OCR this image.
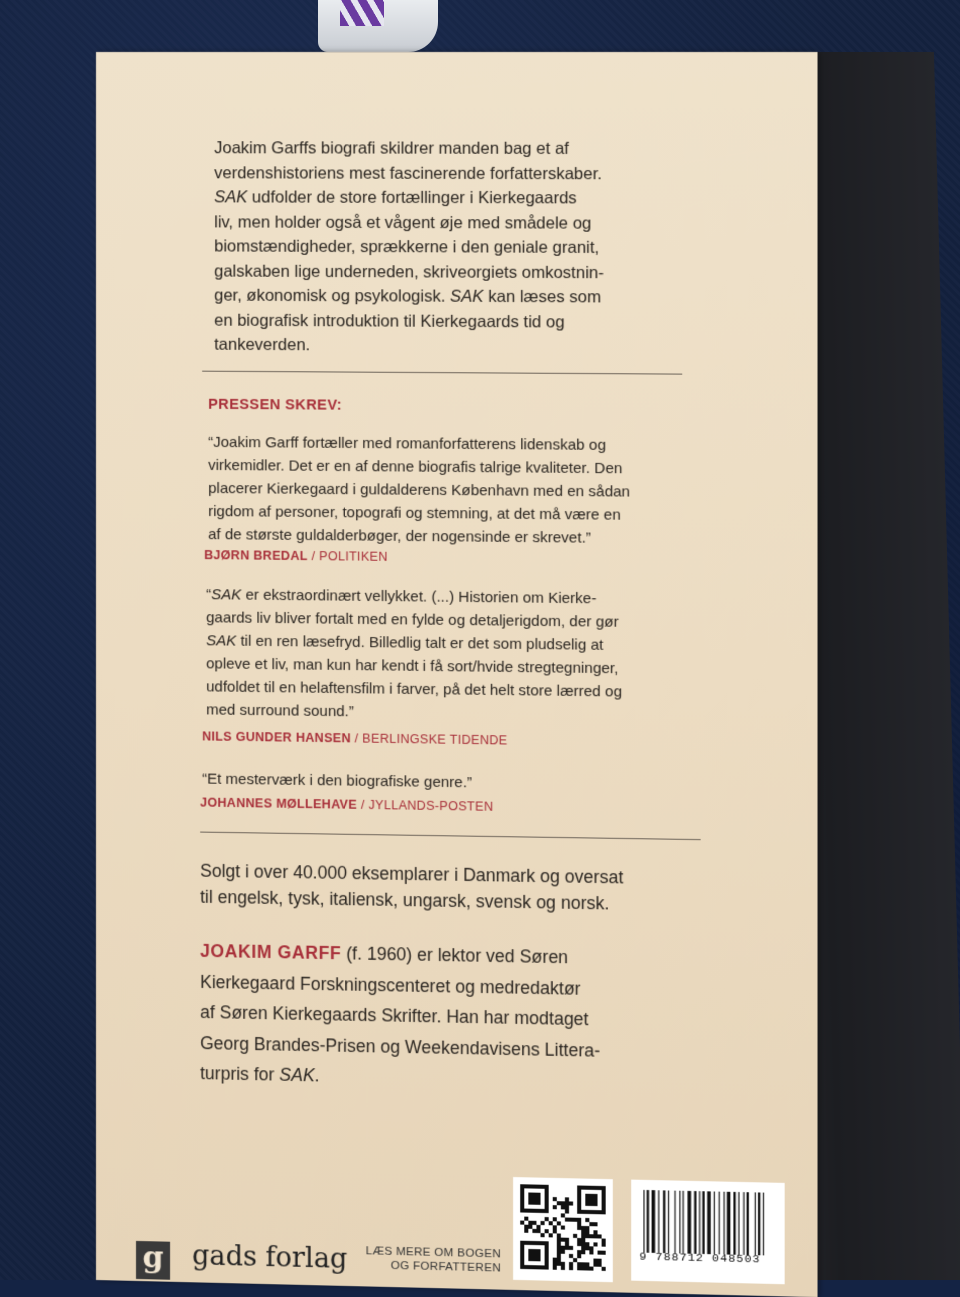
Joakim Garffs biografi skildrer manden bag et af
verdenshistoriens mest fascinerende forfatterskaber.
SAK udfolder de store fortællinger i Kierkegaards
liv, men holder også et vågent øje med smådele og
biomstændigheder, sprækkerne i den geniale granit,
galskaben lige underneden, skriveorgiets omkostnin-
ger, økonomisk og psykologisk. SAK kan læses som
en biografisk introduktion til Kierkegaards tid og
tankeverden.
PRESSEN SKREV:
“Joakim Garff fortæller med romanforfatterens lidenskab og
virkemidler. Det er en af denne biografis talrige kvaliteter. Den
placerer Kierkegaard i guldalderens København med en sådan
rigdom af personer, topografi og stemning, at det må være en
af de største guldalderbøger, der nogensinde er skrevet.”
BJØRN BREDAL / POLITIKEN
“SAK er ekstraordinært vellykket. (...) Historien om Kierke-
gaards liv bliver fortalt med en fylde og detaljerigdom, der gør
SAK til en ren læsefryd. Billedlig talt er det som pludselig at
opleve et liv, man kun har kendt i få sort/hvide stregtegninger,
udfoldet til en helaftensfilm i farver, på det helt store lærred og
med surround sound.”
NILS GUNDER HANSEN / BERLINGSKE TIDENDE
“Et mesterværk i den biografiske genre.”
JOHANNES MØLLEHAVE / JYLLANDS-POSTEN
Solgt i over 40.000 eksemplarer i Danmark og oversat
til engelsk, tysk, italiensk, ungarsk, svensk og norsk.
JOAKIM GARFF (f. 1960) er lektor ved Søren
Kierkegaard Forskningscenteret og medredaktør
af Søren Kierkegaards Skrifter. Han har modtaget
Georg Brandes-Prisen og Weekendavisens Littera-
turpris for SAK.
g gads forlag	LÆS MERE OM BOGEN
OG FORFATTEREN
9 788712 048503
